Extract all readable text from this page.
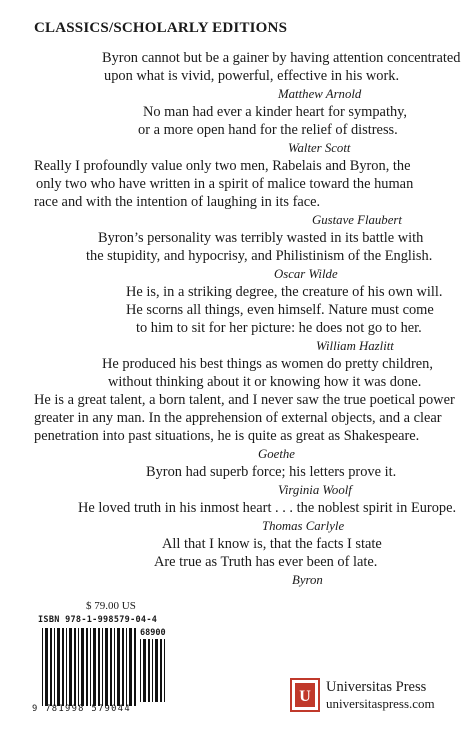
CLASSICS/SCHOLARLY EDITIONS
Byron cannot but be a gainer by having attention concentrated
upon what is vivid, powerful, effective in his work.
Matthew Arnold
No man had ever a kinder heart for sympathy,
or a more open hand for the relief of distress.
Walter Scott
Really I profoundly value only two men, Rabelais and Byron, the
only two who have written in a spirit of malice toward the human
race and with the intention of laughing in its face.
Gustave Flaubert
Byron’s personality was terribly wasted in its battle with
the stupidity, and hypocrisy, and Philistinism of the English.
Oscar Wilde
He is, in a striking degree, the creature of his own will.
He scorns all things, even himself. Nature must come
to him to sit for her picture: he does not go to her.
William Hazlitt
He produced his best things as women do pretty children,
without thinking about it or knowing how it was done.
He is a great talent, a born talent, and I never saw the true poetical power
greater in any man. In the apprehension of external objects, and a clear
penetration into past situations, he is quite as great as Shakespeare.
Goethe
Byron had superb force; his letters prove it.
Virginia Woolf
He loved truth in his inmost heart . . . the noblest spirit in Europe.
Thomas Carlyle
All that I know is, that the facts I state
Are true as Truth has ever been of late.
Byron
$ 79.00 US
ISBN 978-1-998579-04-4
68900
9 781998 579044
U
Universitas Press
universitaspress.com
